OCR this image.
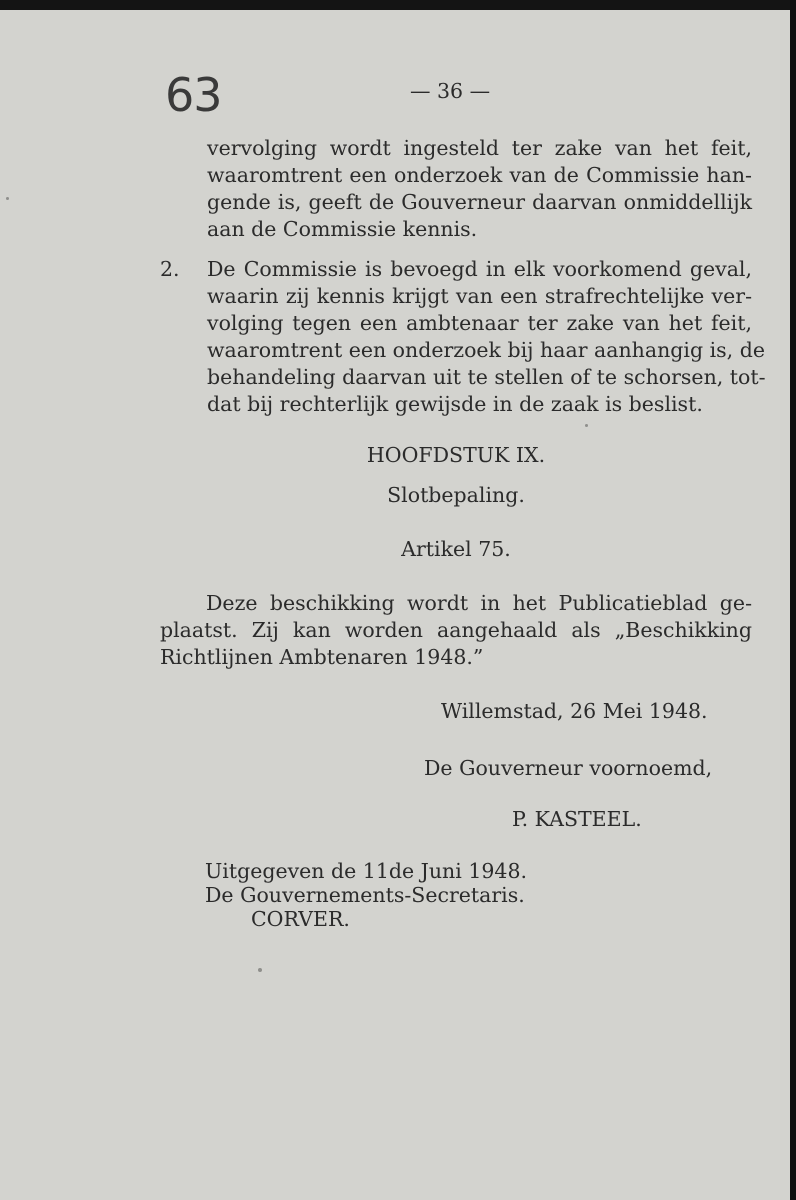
63	— 36 —
vervolging wordt ingesteld ter zake van het feit,
waaromtrent een onderzoek van de Commissie han-
gende is, geeft de Gouverneur daarvan onmiddellijk
aan de Commissie kennis.
2. De Commissie is bevoegd in elk voorkomend geval,
waarin zij kennis krijgt van een strafrechtelijke ver-
volging tegen een ambtenaar ter zake van het feit,
waaromtrent een onderzoek bij haar aanhangig is, de
behandeling daarvan uit te stellen of te schorsen, tot-
dat bij rechterlijk gewijsde in de zaak is beslist.
HOOFDSTUK IX.
Slotbepaling.
Artikel 75.
Deze beschikking wordt in het Publicatieblad ge-
plaatst. Zij kan worden aangehaald als „Beschikking
Richtlijnen Ambtenaren 1948.”
Willemstad, 26 Mei 1948.
De Gouverneur voornoemd,
P. KASTEEL.
Uitgegeven de 11de Juni 1948.
De Gouvernements-Secretaris.
CORVER.
